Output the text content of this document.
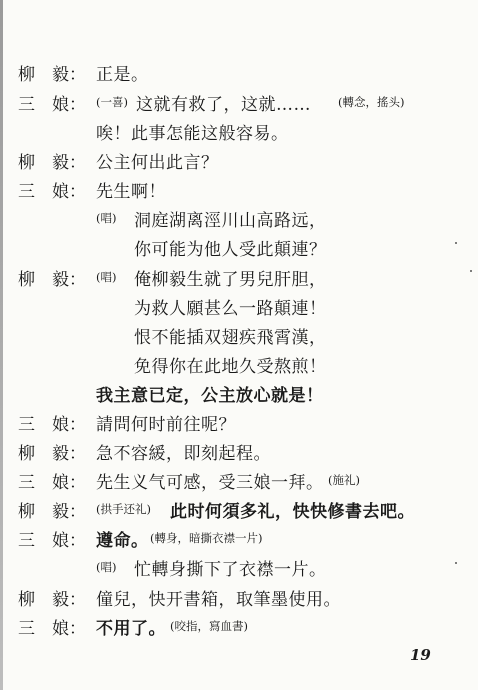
柳　毅： 正是。
三　娘： (一喜) 这就有救了，这就…… (轉念，搖头)
唉！此事怎能这般容易。
柳　毅： 公主何出此言？
三　娘： 先生啊！
(唱) 洞庭湖离涇川山高路远，
你可能为他人受此顛連？
柳　毅： (唱) 俺柳毅生就了男兒肝胆，
为救人願甚么一路顛連！
恨不能插双翅疾飛霄漢，
免得你在此地久受熬煎！
我主意已定，公主放心就是！
三　娘： 請問何时前往呢？
柳　毅： 急不容緩，即刻起程。
三　娘： 先生义气可感，受三娘一拜。 (施礼)
柳　毅： (拱手还礼) 此时何須多礼，快快修書去吧。
三　娘： 遵命。 (轉身，暗撕衣襟一片)
(唱) 忙轉身撕下了衣襟一片。
柳　毅： 僮兒，快开書箱，取筆墨使用。
三　娘： 不用了。 (咬指，寫血書)
19
